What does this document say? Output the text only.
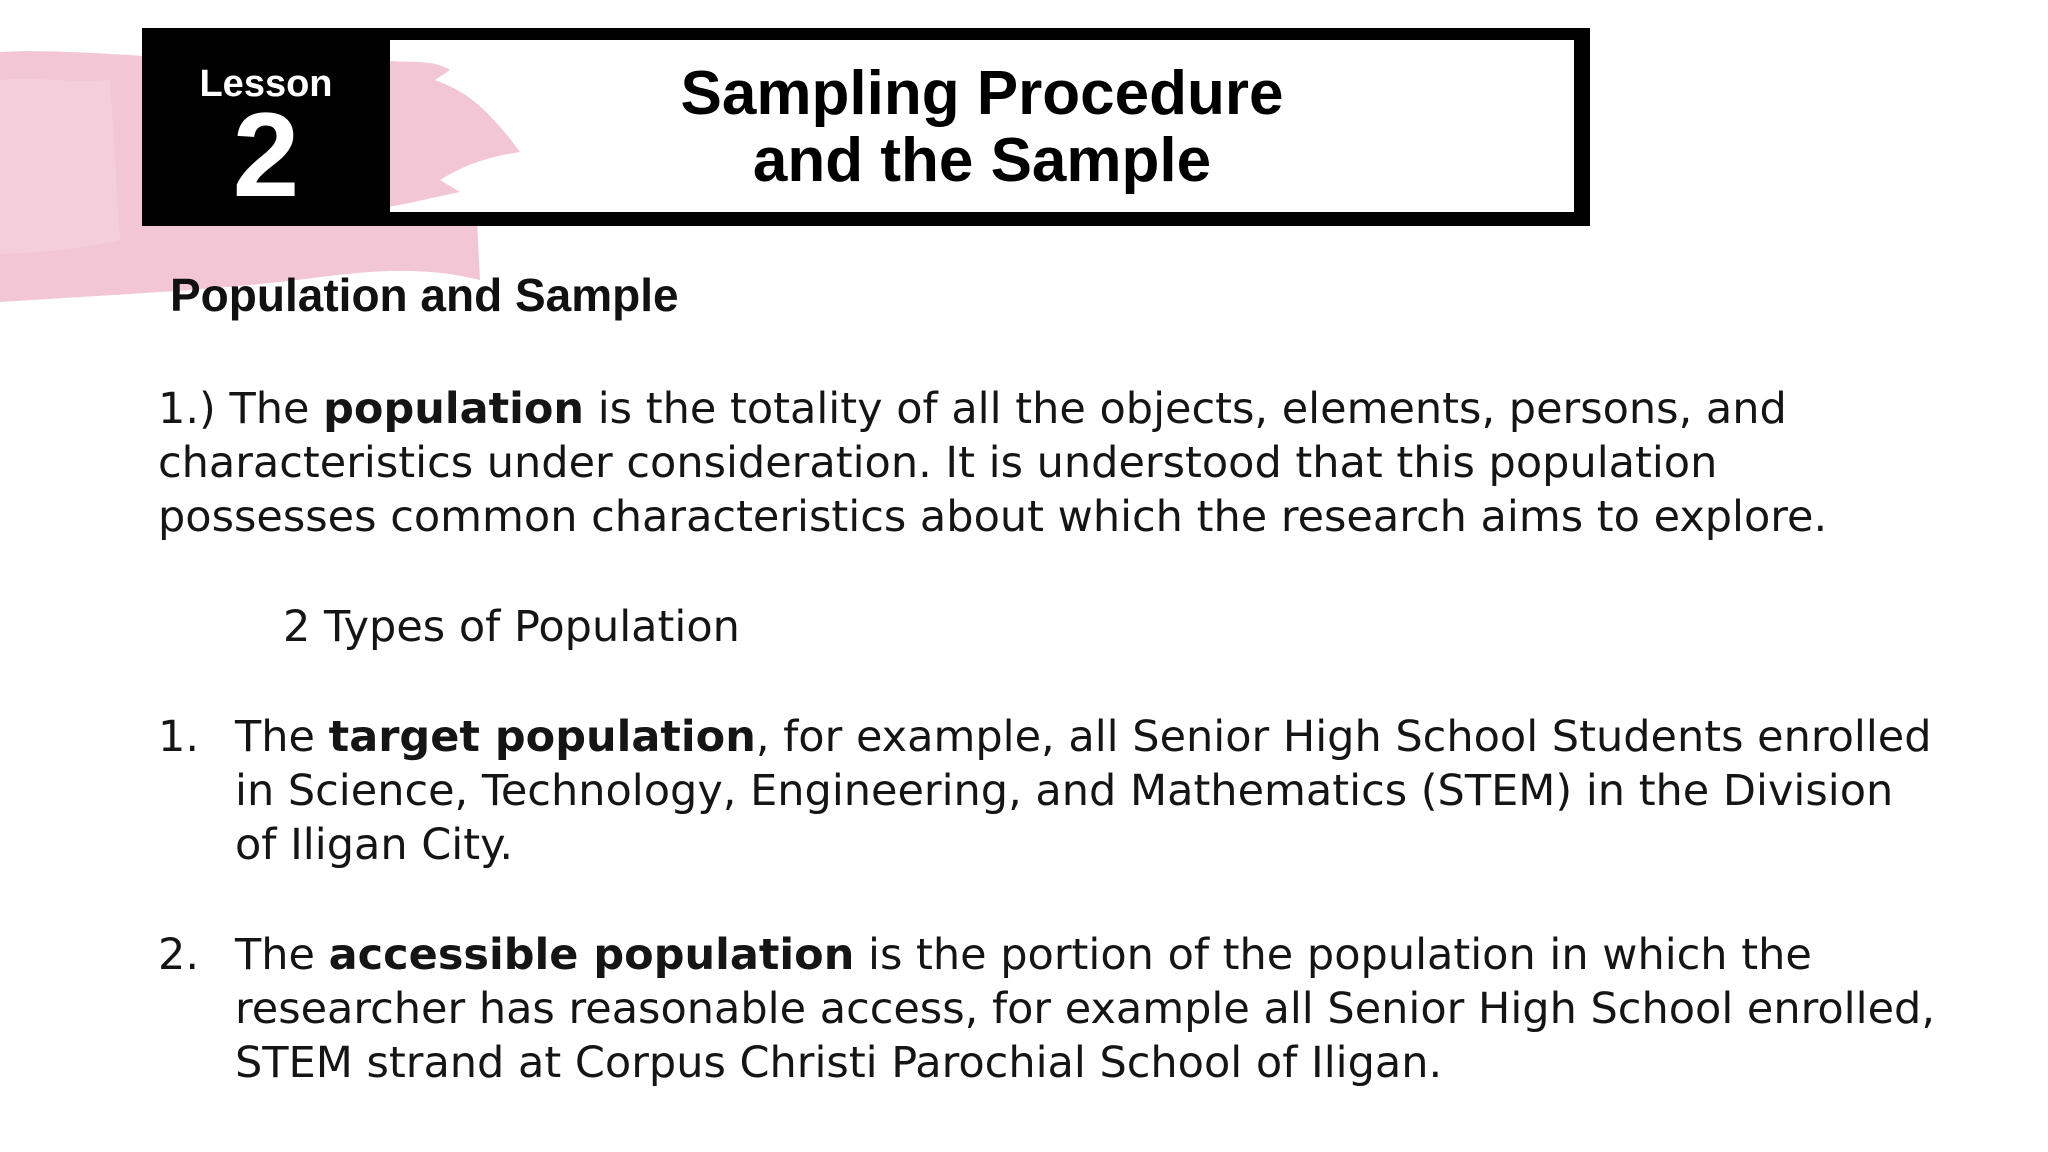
Lesson
2	Sampling Procedure
and the Sample
Population and Sample

1.) The population is the totality of all the objects, elements, persons, and characteristics under consideration. It is understood that this population possesses common characteristics about which the research aims to explore.

2 Types of Population

1. The target population, for example, all Senior High School Students enrolled in Science, Technology, Engineering, and Mathematics (STEM) in the Division of Iligan City.
2. The accessible population is the portion of the population in which the researcher has reasonable access, for example all Senior High School enrolled, STEM strand at Corpus Christi Parochial School of Iligan.
